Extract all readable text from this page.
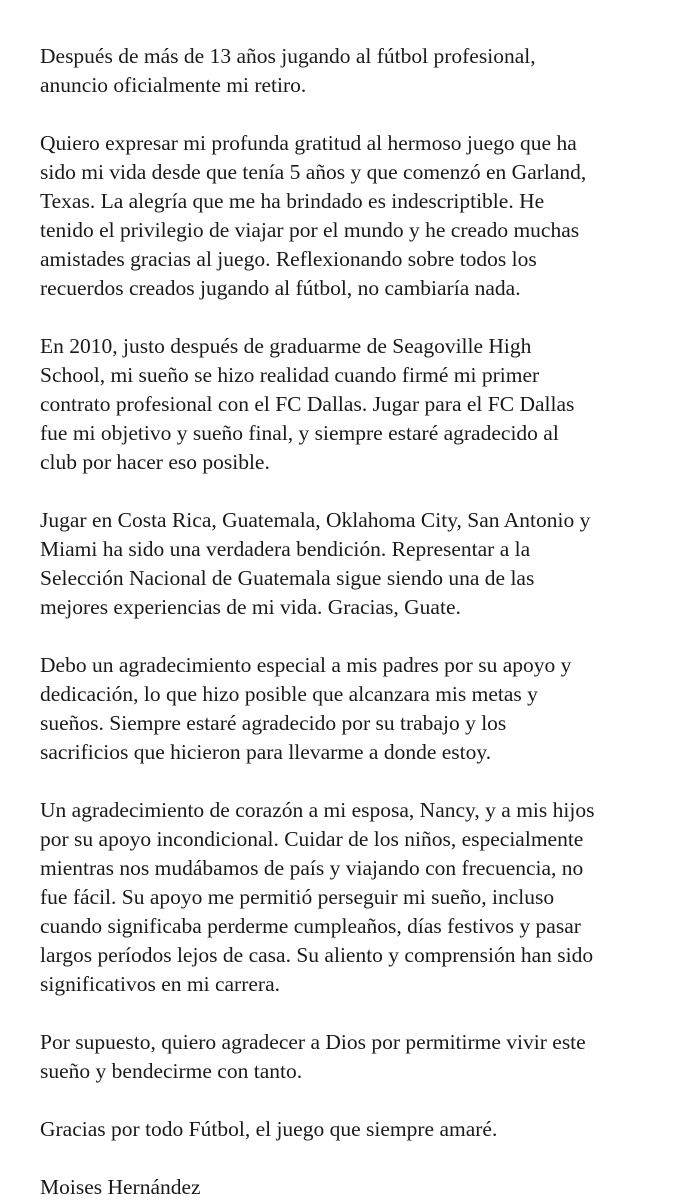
Después de más de 13 años jugando al fútbol profesional,
anuncio oficialmente mi retiro.

Quiero expresar mi profunda gratitud al hermoso juego que ha
sido mi vida desde que tenía 5 años y que comenzó en Garland,
Texas. La alegría que me ha brindado es indescriptible. He
tenido el privilegio de viajar por el mundo y he creado muchas
amistades gracias al juego. Reflexionando sobre todos los
recuerdos creados jugando al fútbol, no cambiaría nada.

En 2010, justo después de graduarme de Seagoville High
School, mi sueño se hizo realidad cuando firmé mi primer
contrato profesional con el FC Dallas. Jugar para el FC Dallas
fue mi objetivo y sueño final, y siempre estaré agradecido al
club por hacer eso posible.

Jugar en Costa Rica, Guatemala, Oklahoma City, San Antonio y
Miami ha sido una verdadera bendición. Representar a la
Selección Nacional de Guatemala sigue siendo una de las
mejores experiencias de mi vida. Gracias, Guate.

Debo un agradecimiento especial a mis padres por su apoyo y
dedicación, lo que hizo posible que alcanzara mis metas y
sueños. Siempre estaré agradecido por su trabajo y los
sacrificios que hicieron para llevarme a donde estoy.

Un agradecimiento de corazón a mi esposa, Nancy, y a mis hijos
por su apoyo incondicional. Cuidar de los niños, especialmente
mientras nos mudábamos de país y viajando con frecuencia, no
fue fácil. Su apoyo me permitió perseguir mi sueño, incluso
cuando significaba perderme cumpleaños, días festivos y pasar
largos períodos lejos de casa. Su aliento y comprensión han sido
significativos en mi carrera.

Por supuesto, quiero agradecer a Dios por permitirme vivir este
sueño y bendecirme con tanto.

Gracias por todo Fútbol, el juego que siempre amaré.

Moises Hernández
